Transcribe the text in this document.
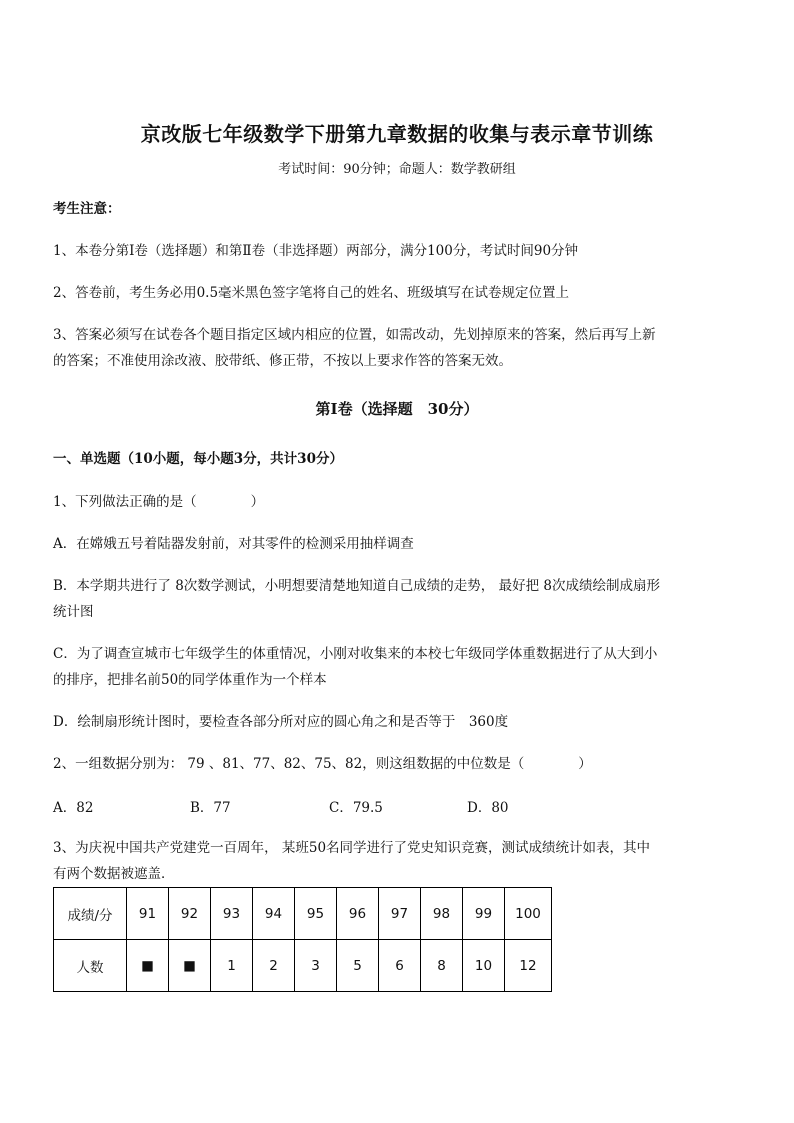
京改版七年级数学下册第九章数据的收集与表示章节训练
考试时间：90分钟；命题人：数学教研组
考生注意：
1、本卷分第Ⅰ卷（选择题）和第Ⅱ卷（非选择题）两部分，满分100分，考试时间90分钟
2、答卷前，考生务必用0.5毫米黑色签字笔将自己的姓名、班级填写在试卷规定位置上
3、答案必须写在试卷各个题目指定区域内相应的位置，如需改动，先划掉原来的答案，然后再写上新
的答案；不准使用涂改液、胶带纸、修正带，不按以上要求作答的答案无效。
第Ⅰ卷（选择题　30分）
一、单选题（10小题，每小题3分，共计30分）
1、下列做法正确的是（　　　　）
A．在嫦娥五号着陆器发射前，对其零件的检测采用抽样调查
B．本学期共进行了 8次数学测试，小明想要清楚地知道自己成绩的走势， 最好把 8次成绩绘制成扇形
统计图
C．为了调查宣城市七年级学生的体重情况，小刚对收集来的本校七年级同学体重数据进行了从大到小
的排序，把排名前50的同学体重作为一个样本
D．绘制扇形统计图时，要检查各部分所对应的圆心角之和是否等于　360度
2、一组数据分别为： 79 、81、77、82、75、82，则这组数据的中位数是（　　　　）
A．82	B．77	C．79.5	D．80
3、为庆祝中国共产党建党一百周年， 某班50名同学进行了党史知识竞赛，测试成绩统计如表，其中
有两个数据被遮盖．
成绩/分	91	92	93	94	95	96	97	98	99	100
人数	■	■	1	2	3	5	6	8	10	12
